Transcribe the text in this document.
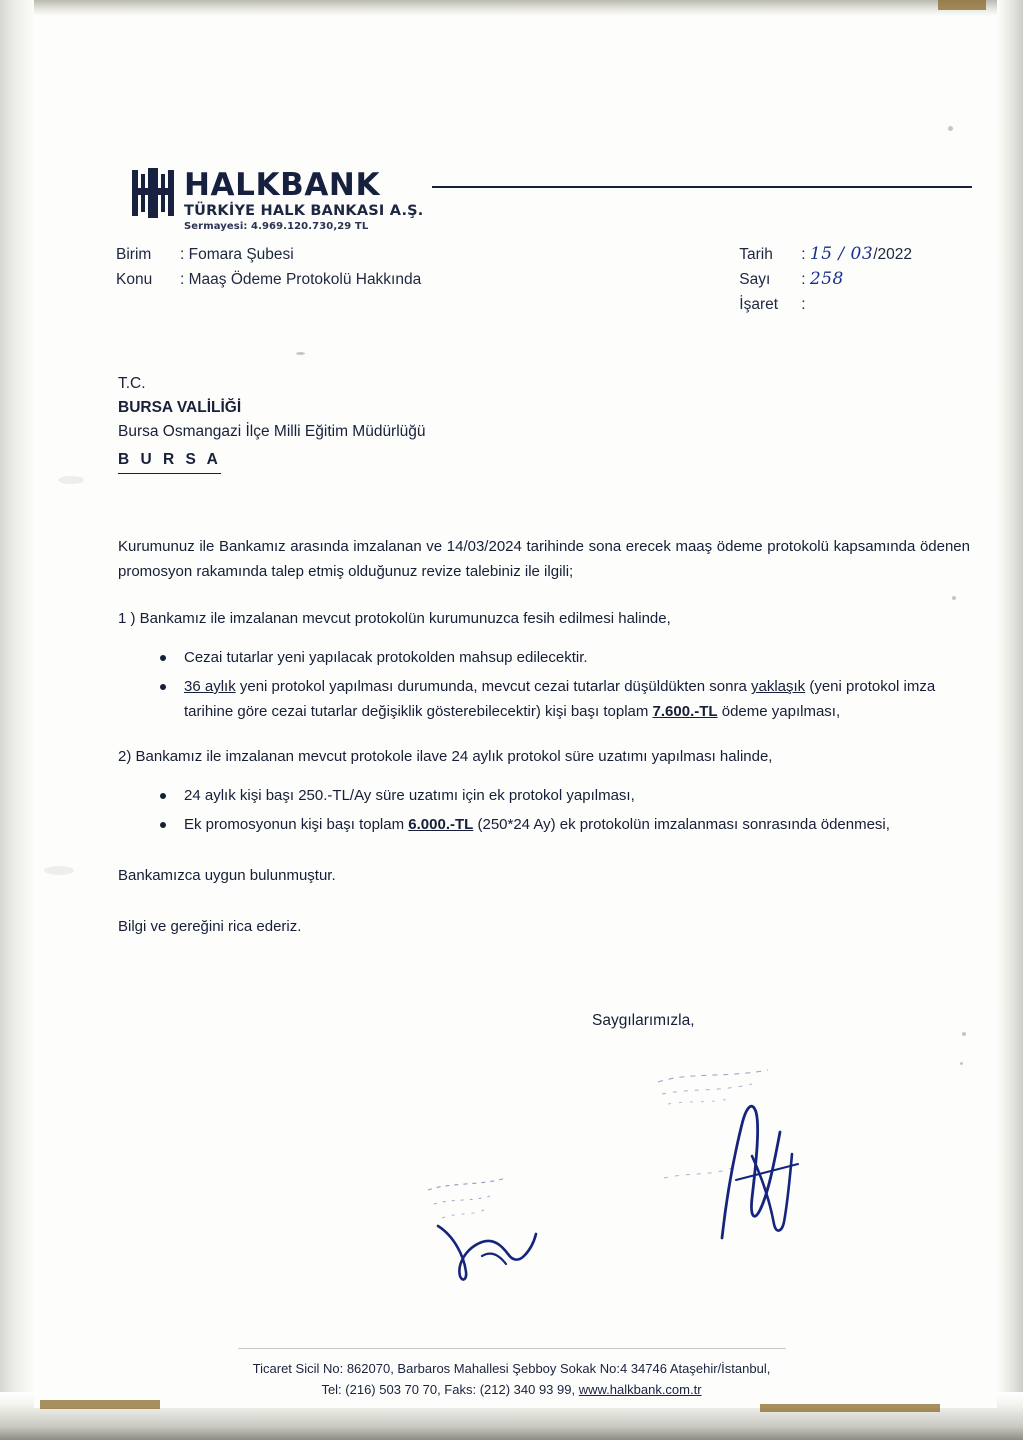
HALKBANK
TÜRKİYE HALK BANKASI A.Ş.
Sermayesi: 4.969.120.730,29 TL
Birim : Fomara Şubesi
Konu : Maaş Ödeme Protokolü Hakkında
Tarih : 15 / 03/2022
Sayı : 258
İşaret :
T.C.
BURSA VALİLİĞİ
Bursa Osmangazi İlçe Milli Eğitim Müdürlüğü
B U R S A
Kurumunuz ile Bankamız arasında imzalanan ve 14/03/2024 tarihinde sona erecek maaş ödeme protokolü kapsamında ödenen promosyon rakamında talep etmiş olduğunuz revize talebiniz ile ilgili;
1 ) Bankamız ile imzalanan mevcut protokolün kurumunuzca fesih edilmesi halinde,
Cezai tutarlar yeni yapılacak protokolden mahsup edilecektir.
36 aylık yeni protokol yapılması durumunda, mevcut cezai tutarlar düşüldükten sonra yaklaşık (yeni protokol imza tarihine göre cezai tutarlar değişiklik gösterebilecektir) kişi başı toplam 7.600.-TL ödeme yapılması,
2) Bankamız ile imzalanan mevcut protokole ilave 24 aylık protokol süre uzatımı yapılması halinde,
24 aylık kişi başı 250.-TL/Ay süre uzatımı için ek protokol yapılması,
Ek promosyonun kişi başı toplam 6.000.-TL (250*24 Ay) ek protokolün imzalanması sonrasında ödenmesi,
Bankamızca uygun bulunmuştur.
Bilgi ve gereğini rica ederiz.
Saygılarımızla,
Ticaret Sicil No: 862070, Barbaros Mahallesi Şebboy Sokak No:4 34746 Ataşehir/İstanbul,
Tel: (216) 503 70 70, Faks: (212) 340 93 99, www.halkbank.com.tr
